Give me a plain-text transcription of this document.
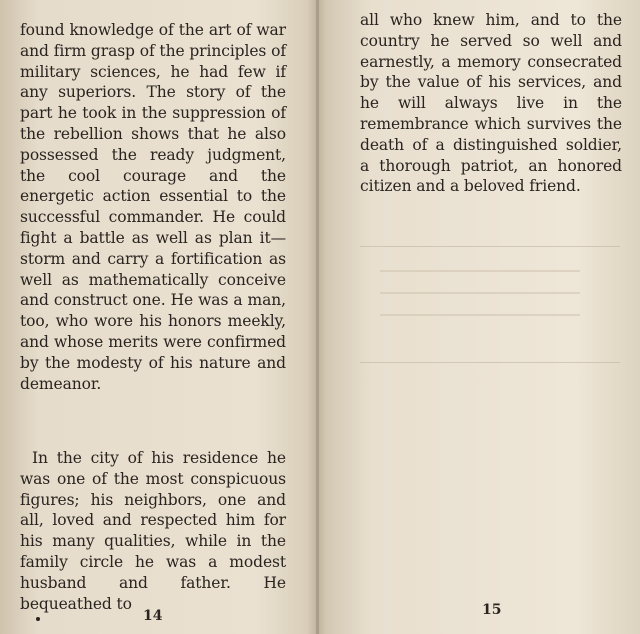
found knowledge of the art of war and firm grasp of the principles of military sciences, he had few if any superiors. The story of the part he took in the suppression of the rebellion shows that he also possessed the ready judgment, the cool courage and the energetic action essential to the successful commander. He could fight a battle as well as plan it—storm and carry a fortification as well as mathematically conceive and construct one. He was a man, too, who wore his honors meekly, and whose merits were confirmed by the modesty of his nature and demeanor.

In the city of his residence he was one of the most conspicuous figures; his neighbors, one and all, loved and respected him for his many qualities, while in the family circle he was a modest husband and father. He bequeathed to

14

all who knew him, and to the country he served so well and earnestly, a memory consecrated by the value of his services, and he will always live in the remembrance which survives the death of a distinguished soldier, a thorough patriot, an honored citizen and a beloved friend.

15
